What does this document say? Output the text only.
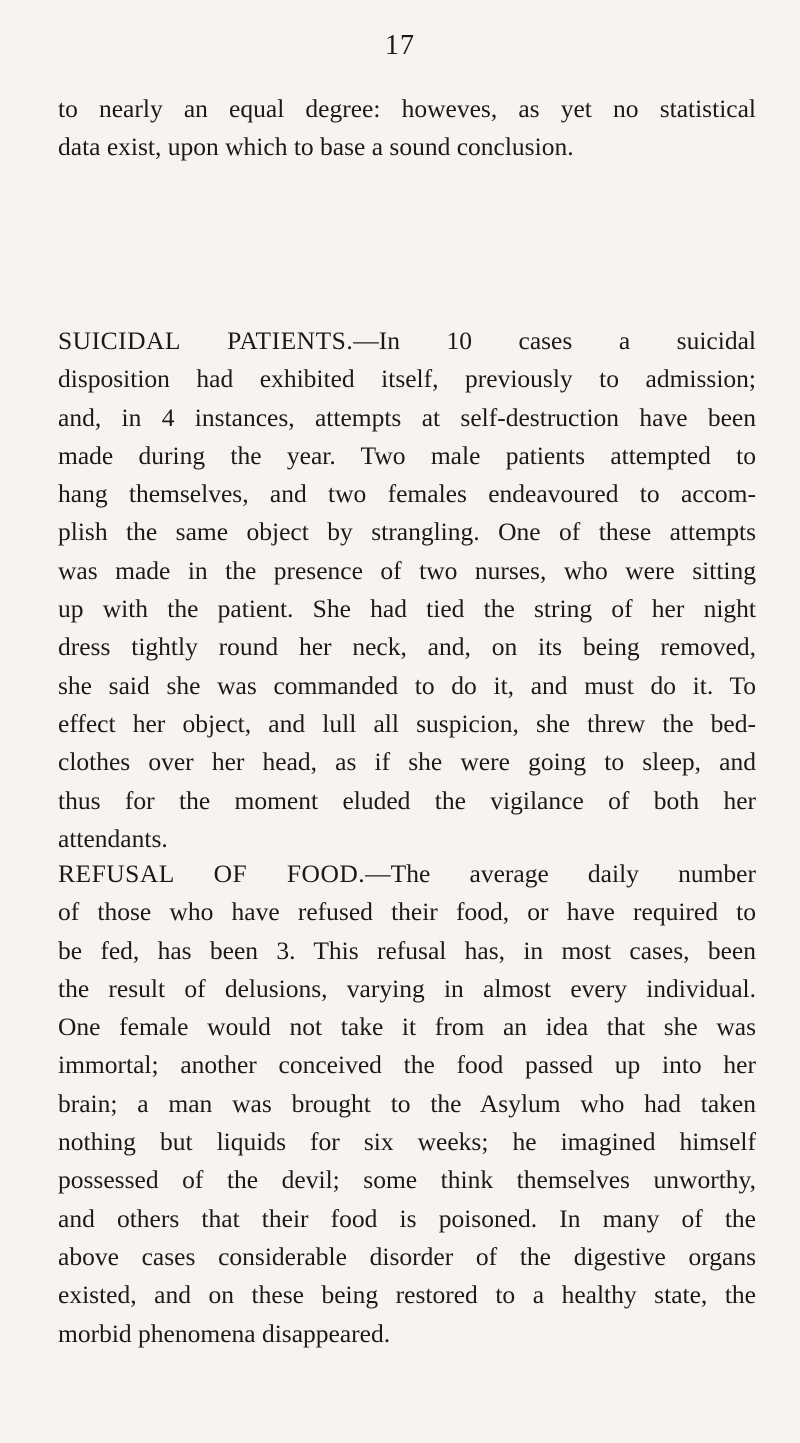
17
to nearly an equal degree: howeves, as yet no statistical
data exist, upon which to base a sound conclusion.
SUICIDAL PATIENTS.—In 10 cases a suicidal
disposition had exhibited itself, previously to admission;
and, in 4 instances, attempts at self-destruction have been
made during the year. Two male patients attempted to
hang themselves, and two females endeavoured to accom-
plish the same object by strangling. One of these attempts
was made in the presence of two nurses, who were sitting
up with the patient. She had tied the string of her night
dress tightly round her neck, and, on its being removed,
she said she was commanded to do it, and must do it. To
effect her object, and lull all suspicion, she threw the bed-
clothes over her head, as if she were going to sleep, and
thus for the moment eluded the vigilance of both her
attendants.
REFUSAL OF FOOD.—The average daily number
of those who have refused their food, or have required to
be fed, has been 3. This refusal has, in most cases, been
the result of delusions, varying in almost every individual.
One female would not take it from an idea that she was
immortal; another conceived the food passed up into her
brain; a man was brought to the Asylum who had taken
nothing but liquids for six weeks; he imagined himself
possessed of the devil; some think themselves unworthy,
and others that their food is poisoned. In many of the
above cases considerable disorder of the digestive organs
existed, and on these being restored to a healthy state, the
morbid phenomena disappeared.
